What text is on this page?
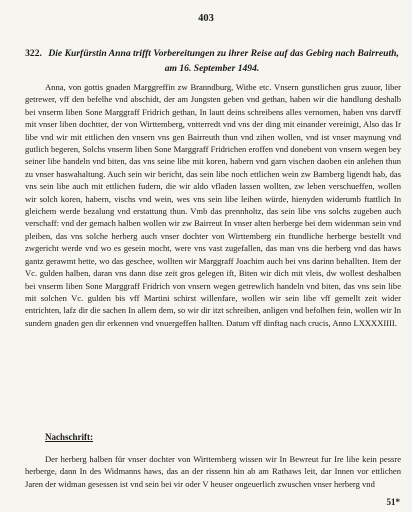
403
322. Die Kurfürstin Anna trifft Vorbereitungen zu ihrer Reise auf das Gebirg nach Bairreuth, am 16. September 1494.

Anna, von gottis gnaden Marggreffin zw Branndburg, Witbe etc. Vnsern gunstlichen grus zuuor, liber getrewer, vff den befelhe vnd abschidt, der am Jungsten geben vnd gethan, haben wir die handlung deshalb bei vnserm liben Sone Marggraff Fridrich gethan, In lautt deins schreibens alles vernomen, haben vns darvff mit vnser liben dochtter, der von Wirttemberg, vntterredt vnd vns der ding mit einander vereinigt, Also das Ir libe vnd wir mit ettlichen den vnsern vns gen Bairreuth thun vnd zihen wollen, vnd ist vnser maynung vnd gutlich begeren, Solchs vnserm liben Sone Marggraff Fridrichen eroffen vnd donebent von vnsern wegen bey seiner libe handeln vnd biten, das vns seine libe mit koren, habern vnd garn vischen daoben ein anlehen thun zu vnser haswahaltung. Auch sein wir bericht, das sein libe noch ettlichen wein zw Bamberg ligendt hab, das vns sein libe auch mit ettlichen fudern, die wir aldo vfladen lassen wollten, zw leben verschueffen, wollen wir solch koren, habern, vischs vnd wein, wes vns sein libe leihen würde, hienyden widerumb ftattlich In gleichem werde bezalung vnd erstattung thun. Vmb das prennholtz, das sein libe vns solchs zugeben auch verschaff: vnd der gemach halben wollen wir zw Bairreut In vnser alten herberge bei dem widenman sein vnd pleiben, das vns solche herberg auch vnser dochter von Wirttemberg ein ftundliche herberge bestellt vnd zwgericht werde vnd wo es gesein mocht, were vns vast zugefallen, das man vns die herberg vnd das haws gantz gerawmt hette, wo das geschee, wollten wir Marggraff Joachim auch bei vns darinn behallten. Item der Vc. gulden halben, daran vns dann dise zeit gros gelegen ift, Biten wir dich mit vleis, dw wollest deshalben bei vnserm liben Sone Marggraff Fridrich von vnsern wegen getrewlich handeln vnd biten, das vns sein libe mit solchen Vc. gulden bis vff Martini schirst willenfare, wollen wir sein libe vff gemellt zeit wider entrichten, lafz dir die sachen In allem dem, so wir dir itzt schreiben, anligen vnd befolhen fein, wollen wir In sundern gnaden gen dir erkennen vnd vnuergeffen hallten. Datum vff dinftag nach crucis, Anno LXXXXIIII.

Nachschrift:

Der herberg halben für vnser dochter von Wirttemberg wissen wir In Bewreut fur Ire libe kein pessre herberge, dann In des Widmanns haws, das an der rissenn hin ab am Rathaws leit, dar Innen vor ettlichen Jaren der widman gesessen ist vnd sein bei vir oder V heuser ongeuerlich zwuschen vnser herberg vnd

51*
